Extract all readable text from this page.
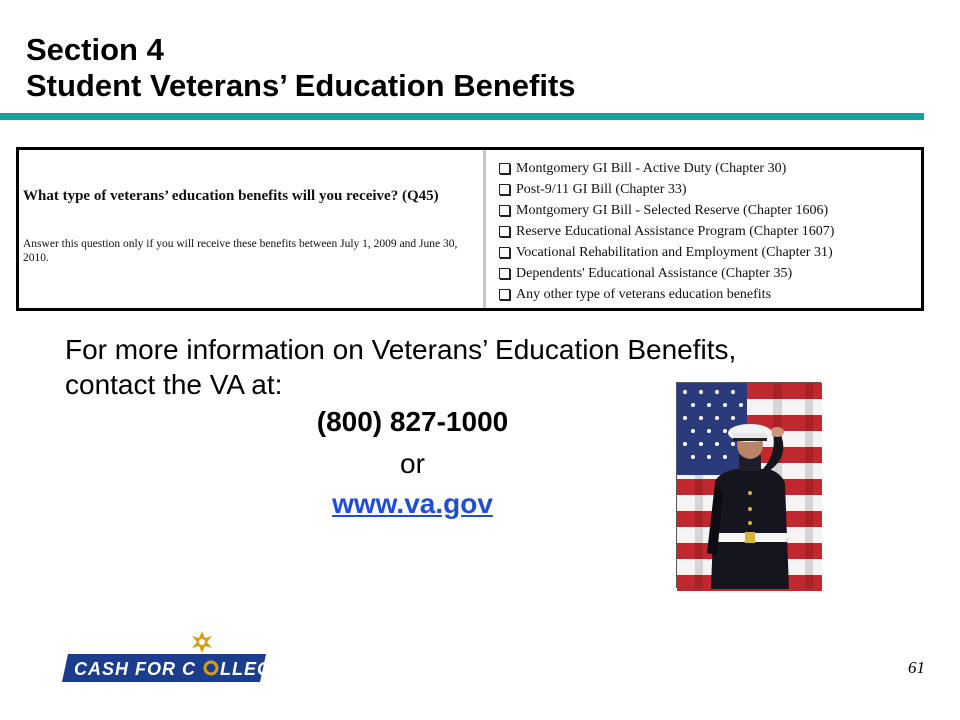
Section 4
Student Veterans’ Education Benefits
What type of veterans’ education benefits will you receive? (Q45)
Answer this question only if you will receive these benefits between July 1, 2009 and June 30, 2010.
Montgomery GI Bill - Active Duty (Chapter 30)
Post-9/11 GI Bill (Chapter 33)
Montgomery GI Bill - Selected Reserve (Chapter 1606)
Reserve Educational Assistance Program (Chapter 1607)
Vocational Rehabilitation and Employment (Chapter 31)
Dependents' Educational Assistance (Chapter 35)
Any other type of veterans education benefits
For more information on Veterans’ Education Benefits, contact the VA at:
(800) 827-1000
or
www.va.gov
CASH FOR C LLEGE	61
